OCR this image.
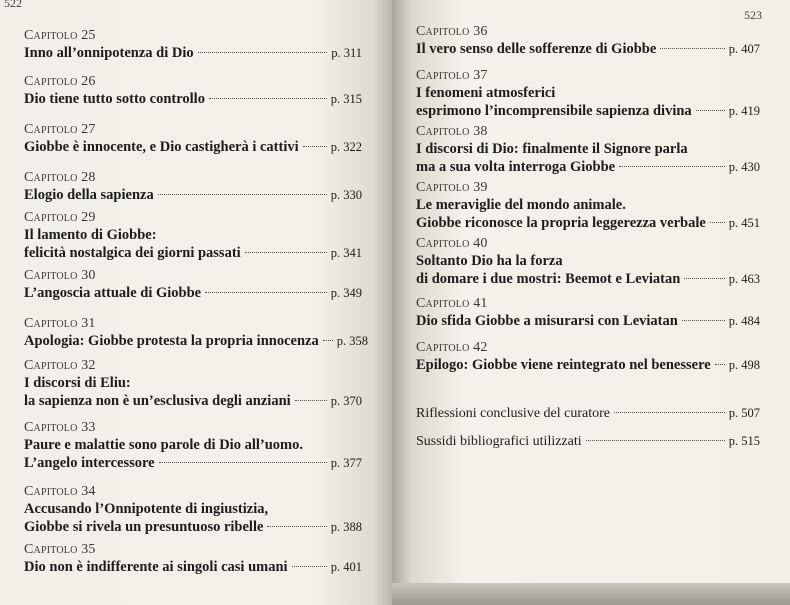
522
Capitolo 25
Inno all’onnipotenza di Dio	p. 311
Capitolo 26
Dio tiene tutto sotto controllo	p. 315
Capitolo 27
Giobbe è innocente, e Dio castigherà i cattivi	p. 322
Capitolo 28
Elogio della sapienza	p. 330
Capitolo 29
Il lamento di Giobbe:
felicità nostalgica dei giorni passati	p. 341
Capitolo 30
L’angoscia attuale di Giobbe	p. 349
Capitolo 31
Apologia: Giobbe protesta la propria innocenza p. 358
Capitolo 32
I discorsi di Eliu:
la sapienza non è un’esclusiva degli anziani	p. 370
Capitolo 33
Paure e malattie sono parole di Dio all’uomo.
L’angelo intercessore	p. 377
Capitolo 34
Accusando l’Onnipotente di ingiustizia,
Giobbe si rivela un presuntuoso ribelle	p. 388
Capitolo 35
Dio non è indifferente ai singoli casi umani	p. 401
523
Capitolo 36
Il vero senso delle sofferenze di Giobbe	p. 407
Capitolo 37
I fenomeni atmosferici
esprimono l’incomprensibile sapienza divina	p. 419
Capitolo 38
I discorsi di Dio: finalmente il Signore parla
ma a sua volta interroga Giobbe	p. 430
Capitolo 39
Le meraviglie del mondo animale.
Giobbe riconosce la propria leggerezza verbale p. 451
Capitolo 40
Soltanto Dio ha la forza
di domare i due mostri: Beemot e Leviatan	p. 463
Capitolo 41
Dio sfida Giobbe a misurarsi con Leviatan	p. 484
Capitolo 42
Epilogo: Giobbe viene reintegrato nel benessere p. 498
Riflessioni conclusive del curatore	p. 507
Sussidi bibliografici utilizzati	p. 515
